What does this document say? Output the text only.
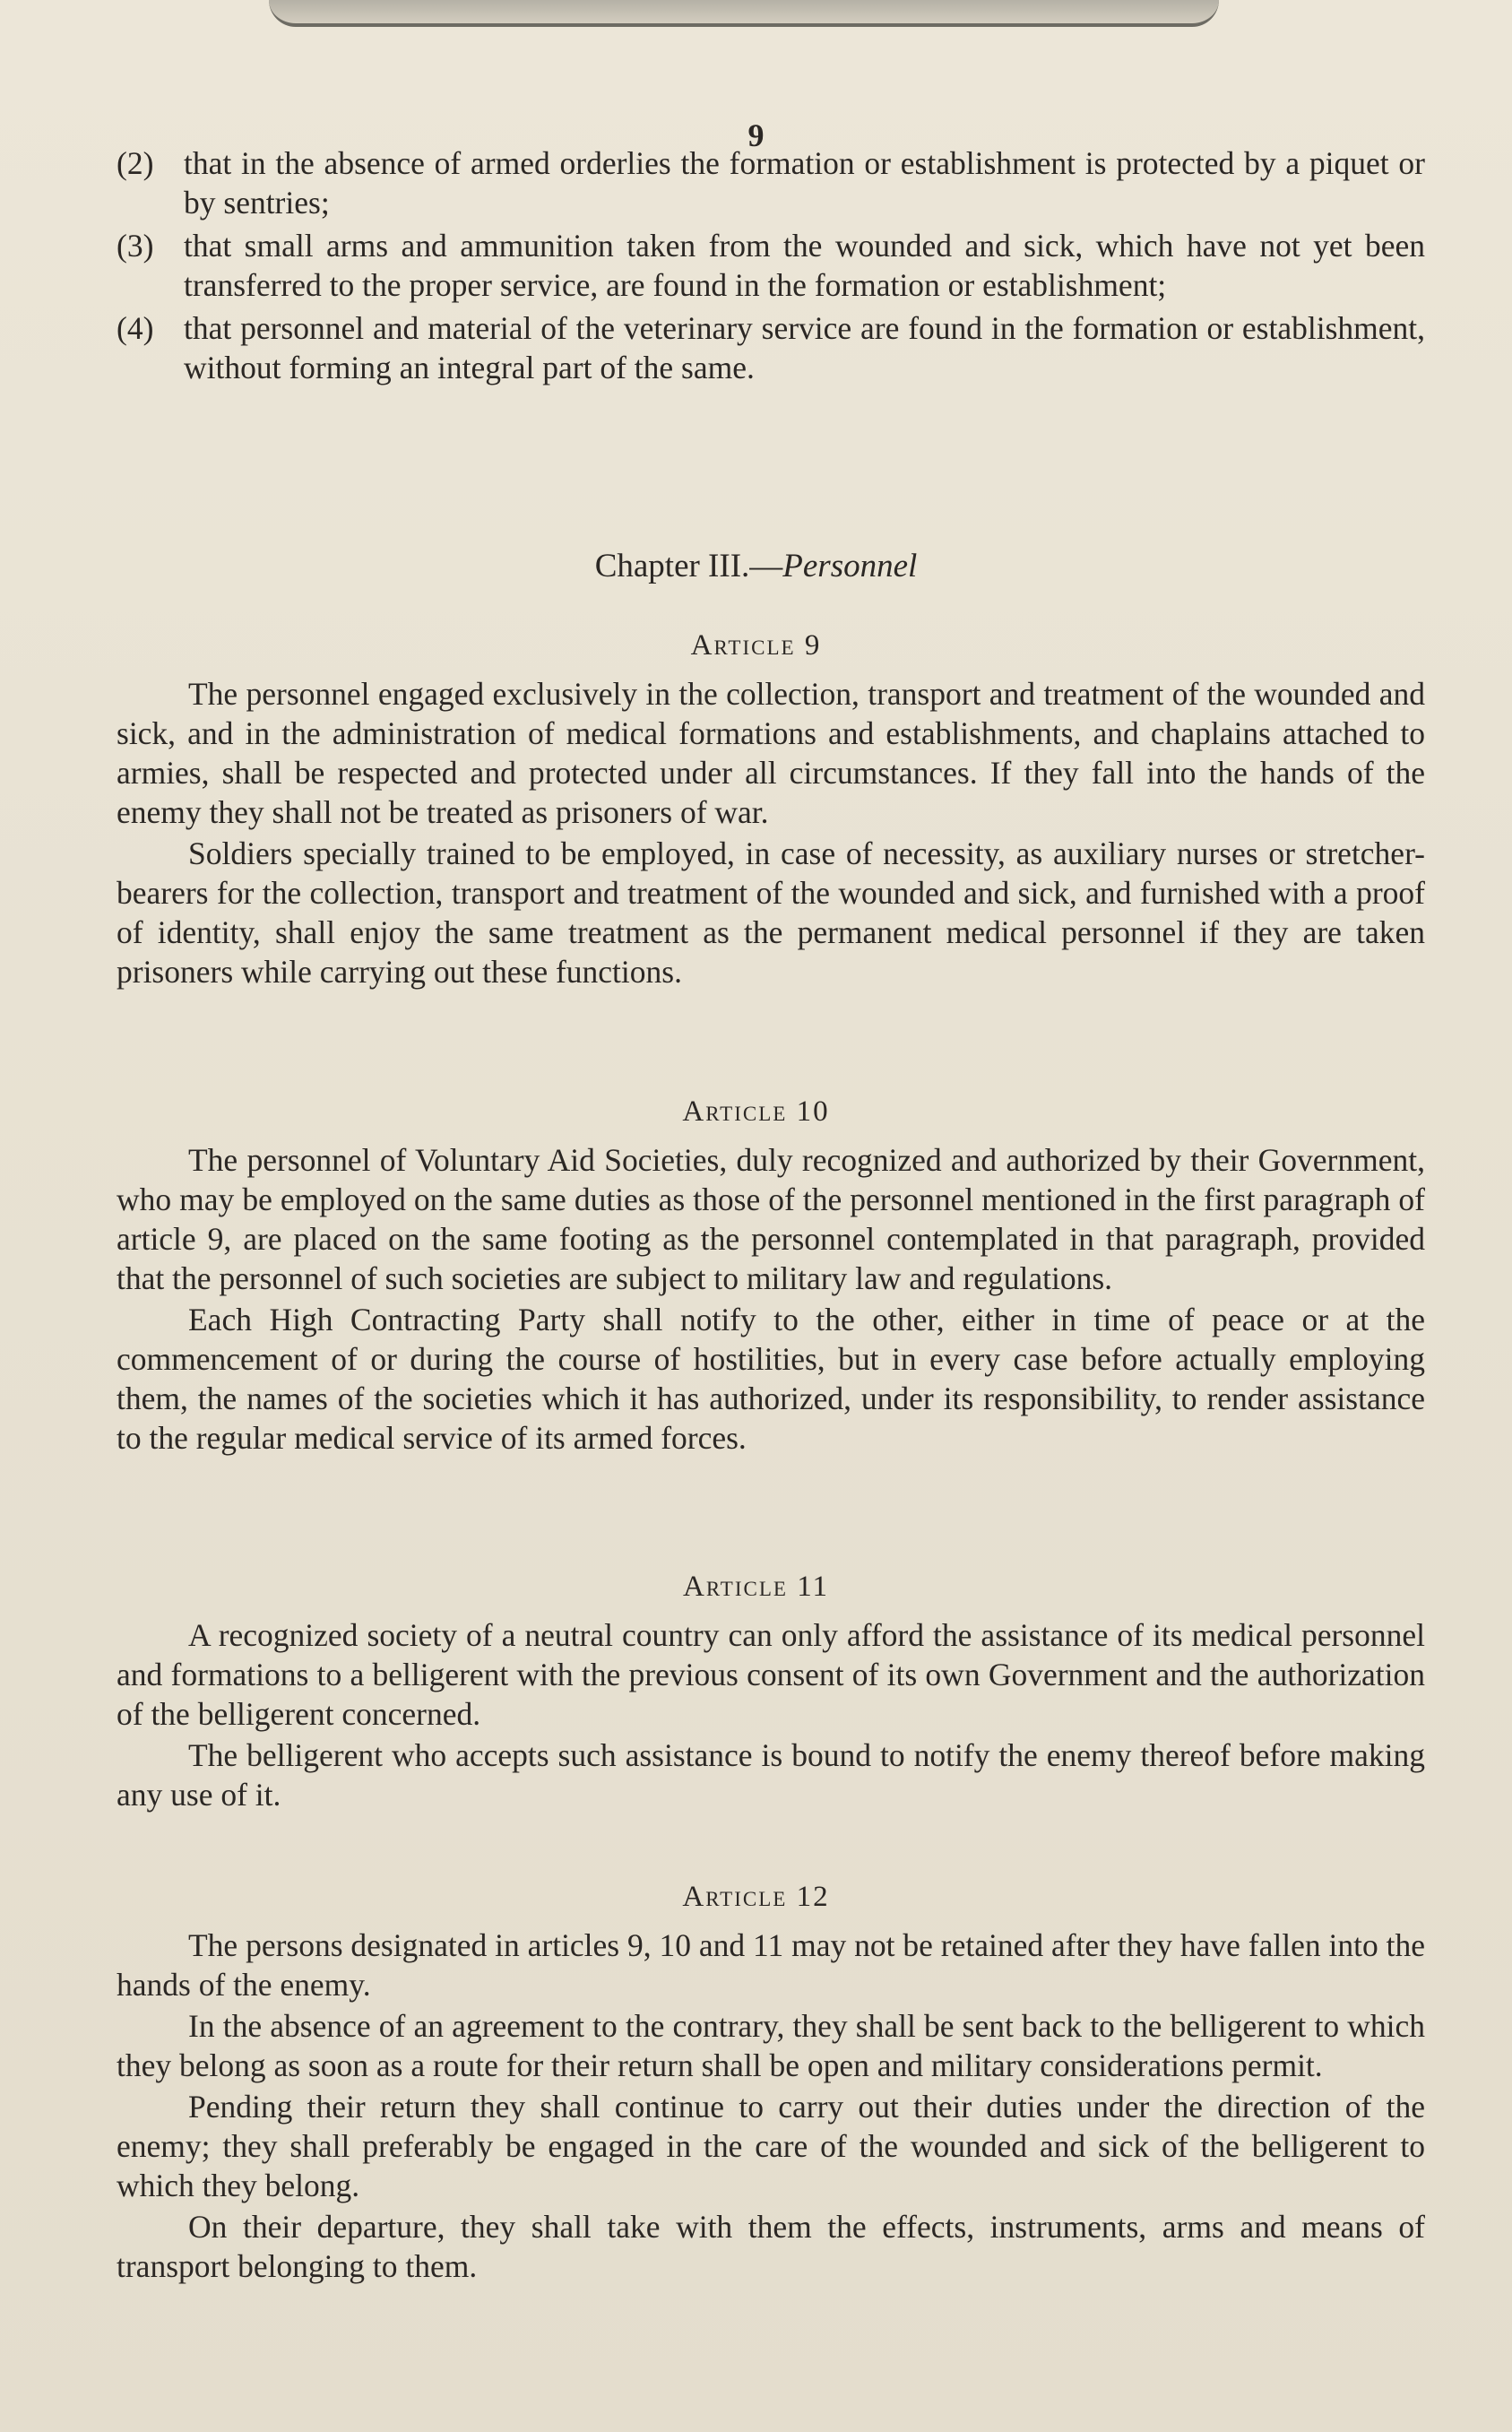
9
(2) that in the absence of armed orderlies the formation or establishment is protected by a piquet or by sentries;
(3) that small arms and ammunition taken from the wounded and sick, which have not yet been transferred to the proper service, are found in the formation or establishment;
(4) that personnel and material of the veterinary service are found in the formation or establishment, without forming an integral part of the same.
Chapter III.—Personnel
Article 9

The personnel engaged exclusively in the collection, transport and treatment of the wounded and sick, and in the administration of medical formations and establishments, and chaplains attached to armies, shall be respected and protected under all circumstances. If they fall into the hands of the enemy they shall not be treated as prisoners of war.

Soldiers specially trained to be employed, in case of necessity, as auxiliary nurses or stretcher-bearers for the collection, transport and treatment of the wounded and sick, and furnished with a proof of identity, shall enjoy the same treatment as the permanent medical personnel if they are taken prisoners while carrying out these functions.

Article 10

The personnel of Voluntary Aid Societies, duly recognized and authorized by their Government, who may be employed on the same duties as those of the personnel mentioned in the first paragraph of article 9, are placed on the same footing as the personnel contemplated in that paragraph, provided that the personnel of such societies are subject to military law and regulations.

Each High Contracting Party shall notify to the other, either in time of peace or at the commencement of or during the course of hostilities, but in every case before actually employing them, the names of the societies which it has authorized, under its responsibility, to render assistance to the regular medical service of its armed forces.

Article 11

A recognized society of a neutral country can only afford the assistance of its medical personnel and formations to a belligerent with the previous consent of its own Government and the authorization of the belligerent concerned.

The belligerent who accepts such assistance is bound to notify the enemy thereof before making any use of it.

Article 12

The persons designated in articles 9, 10 and 11 may not be retained after they have fallen into the hands of the enemy.

In the absence of an agreement to the contrary, they shall be sent back to the belligerent to which they belong as soon as a route for their return shall be open and military considerations permit.

Pending their return they shall continue to carry out their duties under the direction of the enemy; they shall preferably be engaged in the care of the wounded and sick of the belligerent to which they belong.

On their departure, they shall take with them the effects, instruments, arms and means of transport belonging to them.
